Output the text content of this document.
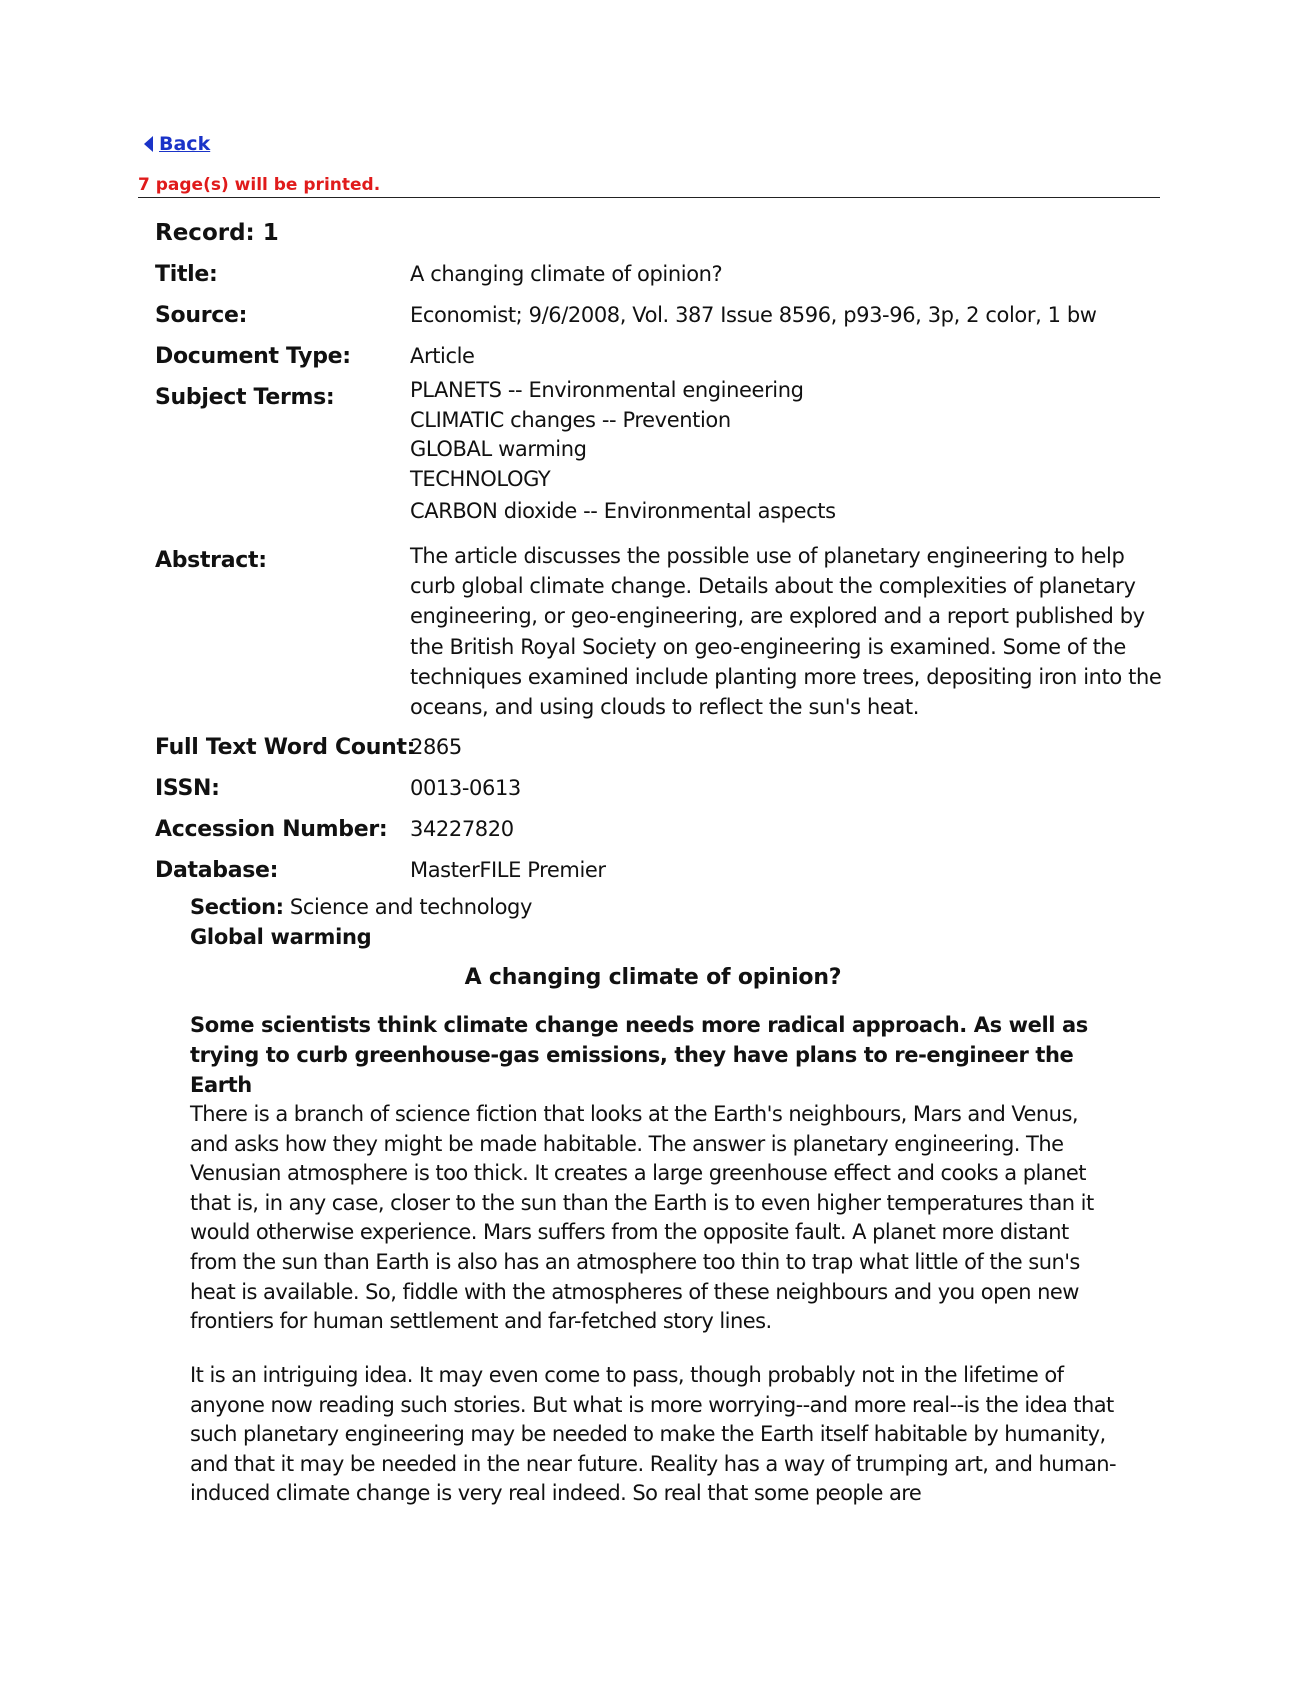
Back
7 page(s) will be printed.
Record: 1
Title:	A changing climate of opinion?
Source:	Economist; 9/6/2008, Vol. 387 Issue 8596, p93-96, 3p, 2 color, 1 bw
Document Type:	Article
Subject Terms:	PLANETS -- Environmental engineering
CLIMATIC changes -- Prevention
GLOBAL warming
TECHNOLOGY
CARBON dioxide -- Environmental aspects
Abstract:	The article discusses the possible use of planetary engineering to help curb global climate change. Details about the complexities of planetary engineering, or geo-engineering, are explored and a report published by the British Royal Society on geo-engineering is examined. Some of the techniques examined include planting more trees, depositing iron into the oceans, and using clouds to reflect the sun's heat.
Full Text Word Count:
2865
ISSN:	0013-0613
Accession Number: 34227820
Database:	MasterFILE Premier
Section: Science and technology
Global warming
A changing climate of opinion?
Some scientists think climate change needs more radical approach. As well as trying to curb greenhouse-gas emissions, they have plans to re-engineer the Earth
There is a branch of science fiction that looks at the Earth's neighbours, Mars and Venus, and asks how they might be made habitable. The answer is planetary engineering. The Venusian atmosphere is too thick. It creates a large greenhouse effect and cooks a planet that is, in any case, closer to the sun than the Earth is to even higher temperatures than it would otherwise experience. Mars suffers from the opposite fault. A planet more distant from the sun than Earth is also has an atmosphere too thin to trap what little of the sun's heat is available. So, fiddle with the atmospheres of these neighbours and you open new frontiers for human settlement and far-fetched story lines.
It is an intriguing idea. It may even come to pass, though probably not in the lifetime of anyone now reading such stories. But what is more worrying--and more real--is the idea that such planetary engineering may be needed to make the Earth itself habitable by humanity, and that it may be needed in the near future. Reality has a way of trumping art, and human-induced climate change is very real indeed. So real that some people are
